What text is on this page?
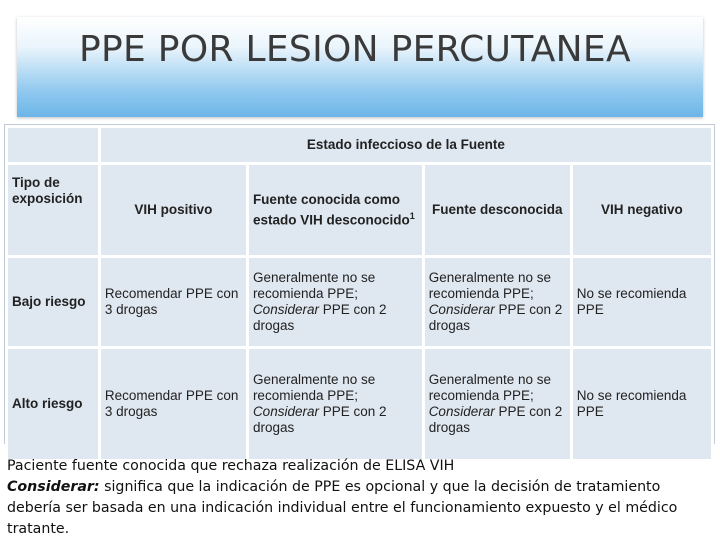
PPE POR LESION PERCUTANEA
	Estado infeccioso de la Fuente			
Tipo de exposición	VIH positivo	Fuente conocida como estado VIH desconocido$^1$	Fuente desconocida	VIH negativo
Bajo riesgo	Recomendar PPE con 3 drogas	Generalmente no se recomienda PPE; Considerar PPE con 2 drogas	Generalmente no se recomienda PPE; Considerar PPE con 2 drogas	No se recomienda PPE
Alto riesgo	Recomendar PPE con 3 drogas	Generalmente no se recomienda PPE; Considerar PPE con 2 drogas	Generalmente no se recomienda PPE; Considerar PPE con 2 drogas	No se recomienda PPE

Paciente fuente conocida que rechaza realización de ELISA VIH

Considerar: significa que la indicación de PPE es opcional y que la decisión de tratamiento debería ser basada en una indicación individual entre el funcionamiento expuesto y el médico tratante.
